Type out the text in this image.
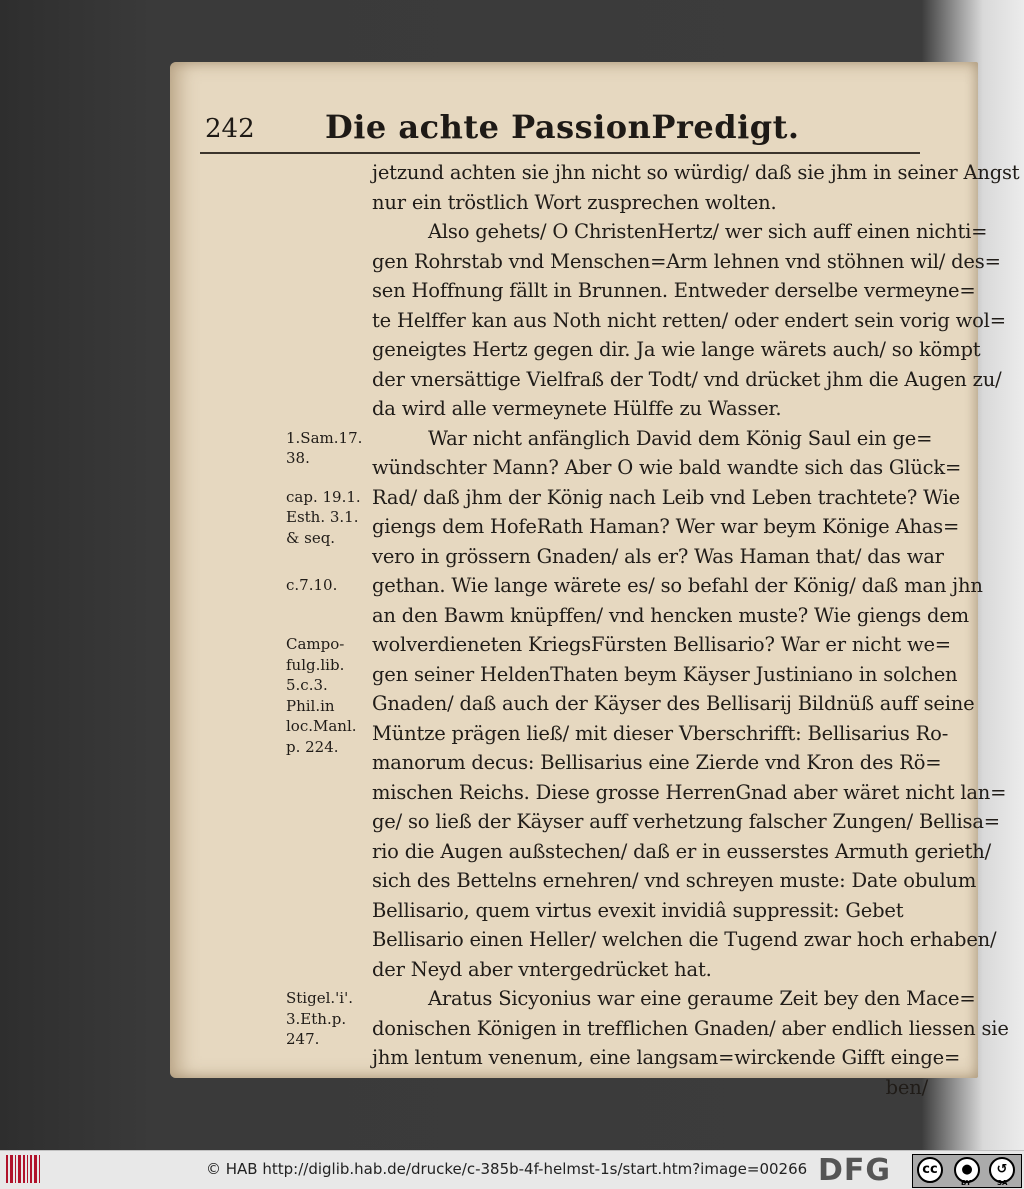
242 Die achte PassionPredigt.
jetzund achten sie jhn nicht so würdig/ daß sie jhm in seiner Angst
nur ein tröstlich Wort zusprechen wolten.
Also gehets/ O ChristenHertz/ wer sich auff einen nichti=
gen Rohrstab vnd Menschen=Arm lehnen vnd stöhnen wil/ des=
sen Hoffnung fällt in Brunnen. Entweder derselbe vermeyne=
te Helffer kan aus Noth nicht retten/ oder endert sein vorig wol=
geneigtes Hertz gegen dir. Ja wie lange wärets auch/ so kömpt
der vnersättige Vielfraß der Todt/ vnd drücket jhm die Augen zu/
da wird alle vermeynete Hülffe zu Wasser.
War nicht anfänglich David dem König Saul ein ge=
wündschter Mann? Aber O wie bald wandte sich das Glück=
Rad/ daß jhm der König nach Leib vnd Leben trachtete? Wie
giengs dem HofeRath Haman? Wer war beym Könige Ahas=
vero in grössern Gnaden/ als er? Was Haman that/ das war
gethan. Wie lange wärete es/ so befahl der König/ daß man jhn
an den Bawm knüpffen/ vnd hencken muste? Wie giengs dem
wolverdieneten KriegsFürsten Bellisario? War er nicht we=
gen seiner HeldenThaten beym Käyser Justiniano in solchen
Gnaden/ daß auch der Käyser des Bellisarij Bildnüß auff seine
Müntze prägen ließ/ mit dieser Vberschrifft: Bellisarius Ro-
manorum decus: Bellisarius eine Zierde vnd Kron des Rö=
mischen Reichs. Diese grosse HerrenGnad aber wäret nicht lan=
ge/ so ließ der Käyser auff verhetzung falscher Zungen/ Bellisa=
rio die Augen außstechen/ daß er in eusserstes Armuth gerieth/
sich des Bettelns ernehren/ vnd schreyen muste: Date obulum
Bellisario, quem virtus evexit invidiâ suppressit: Gebet
Bellisario einen Heller/ welchen die Tugend zwar hoch erhaben/
der Neyd aber vntergedrücket hat.
Aratus Sicyonius war eine geraume Zeit bey den Mace=
donischen Königen in trefflichen Gnaden/ aber endlich liessen sie
jhm lentum venenum, eine langsam=wirckende Gifft einge=
ben/
1.Sam.17.
38.
cap. 19.1.
Esth. 3.1.
& seq.
c.7.10.
Campo-
fulg.lib.
5.c.3.
Phil.in
loc.Manl.
p. 224.
Stigel.'i'.
3.Eth.p.
247.
© HAB http://diglib.hab.de/drucke/c-385b-4f-helmst-1s/start.htm?image=00266 DFG	cc	●
BY
↺
SA
